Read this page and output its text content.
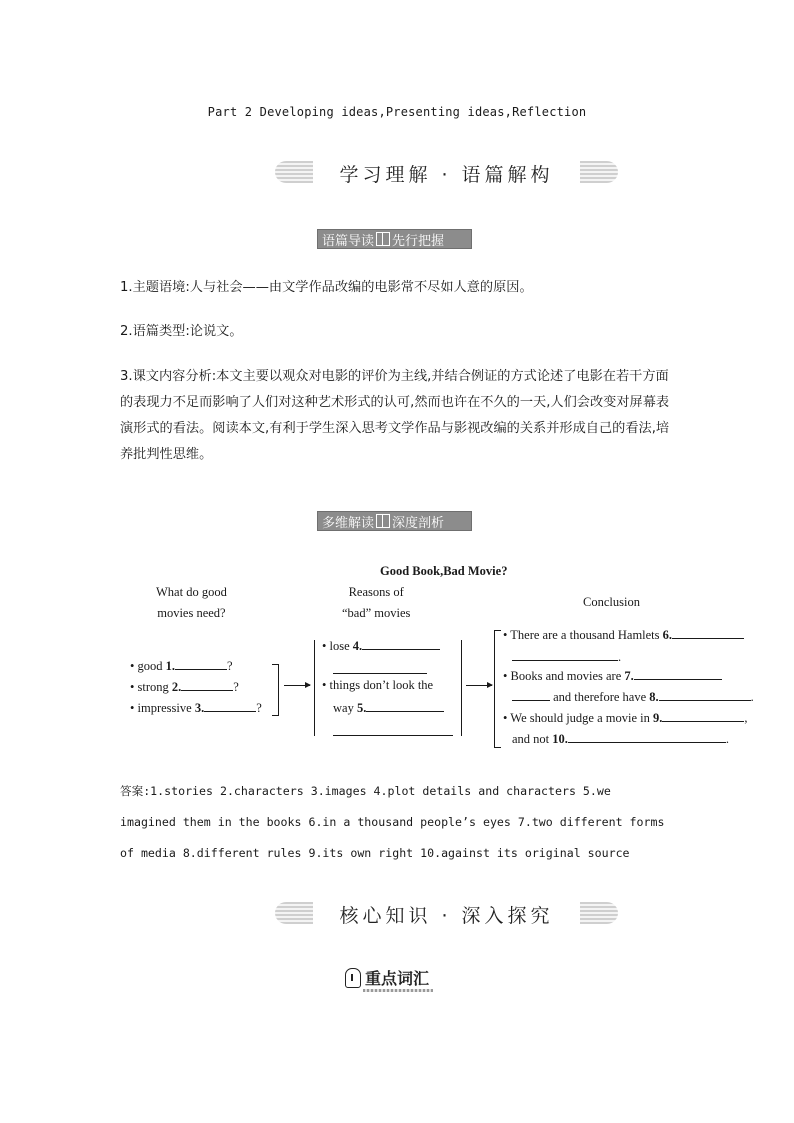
Part 2 Developing ideas,Presenting ideas,Reflection
学习理解 · 语篇解构
语篇导读 先行把握
1.主题语境:人与社会——由文学作品改编的电影常不尽如人意的原因。
2.语篇类型:论说文。
3.课文内容分析:本文主要以观众对电影的评价为主线,并结合例证的方式论述了电影在若干方面的表现力不足而影响了人们对这种艺术形式的认可,然而也许在不久的一天,人们会改变对屏幕表演形式的看法。阅读本文,有利于学生深入思考文学作品与影视改编的关系并形成自己的看法,培养批判性思维。
多维解读 深度剖析
Good Book,Bad Movie?
What do good
movies need?
Reasons of
“bad” movies
Conclusion
• good 1.	?
• strong 2.	?
• impressive 3.	?
• lose 4.
• things don’t look the
way 5.
• There are a thousand Hamlets 6.
.
• Books and movies are 7.
and therefore have 8.	.
• We should judge a movie in 9.	,
and not 10.	.
答案:1.stories 2.characters 3.images 4.plot details and characters 5.we
imagined them in the books 6.in a thousand people’s eyes 7.two different forms
of media 8.different rules 9.its own right 10.against its original source
核心知识 · 深入探究
重点词汇
